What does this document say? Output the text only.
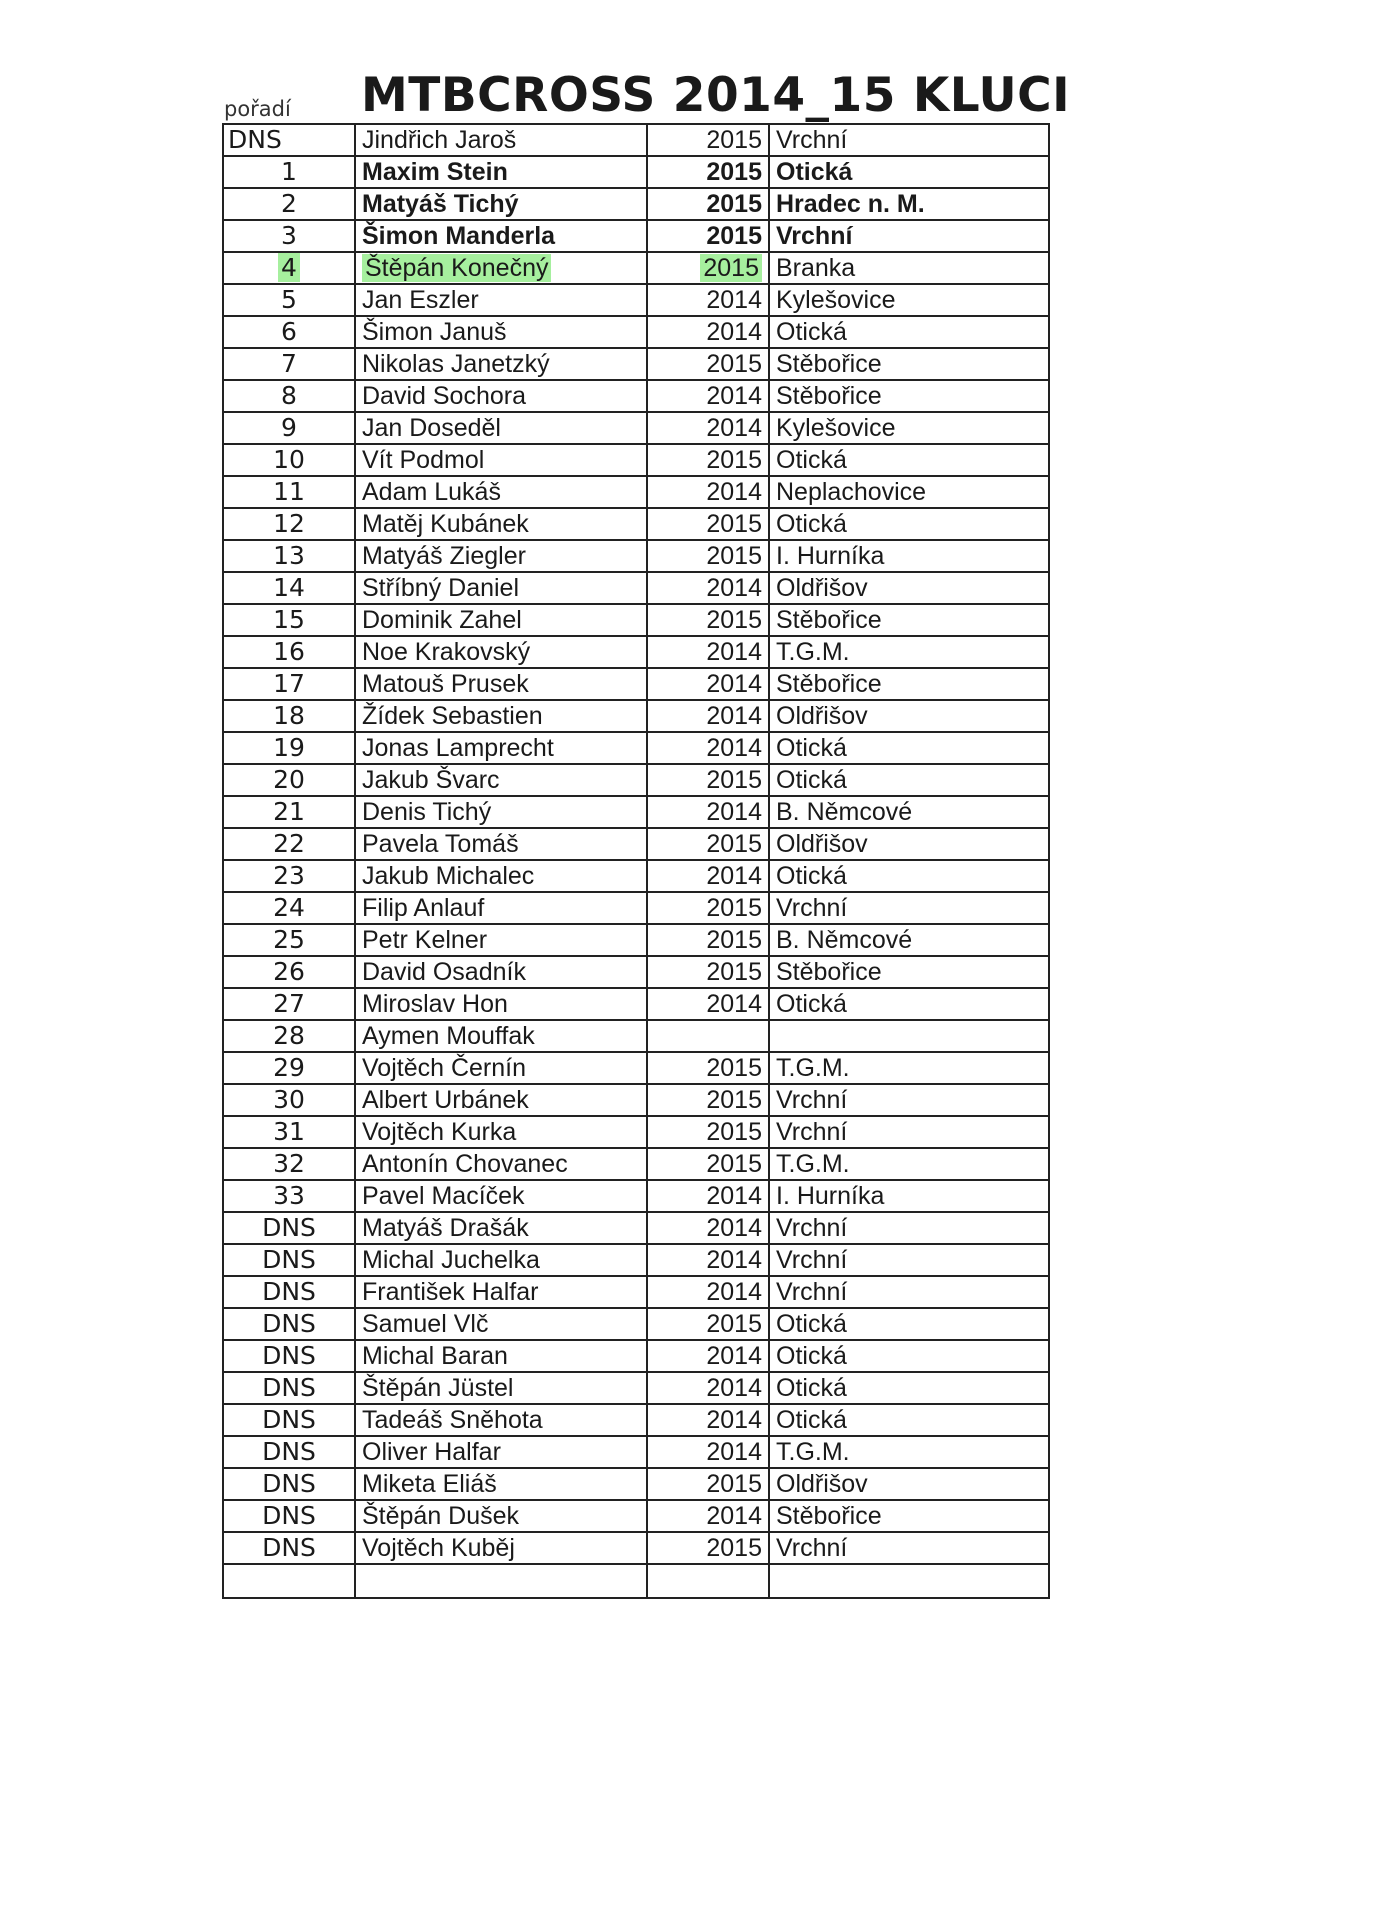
pořadí MTBCROSS 2014_15 KLUCI
DNS	Jindřich Jaroš	2015	Vrchní
1	Maxim Stein	2015	Otická
2	Matyáš Tichý	2015	Hradec n. M.
3	Šimon Manderla	2015	Vrchní
4	Štěpán Konečný	2015	Branka
5	Jan Eszler	2014	Kylešovice
6	Šimon Januš	2014	Otická
7	Nikolas Janetzký	2015	Stěbořice
8	David Sochora	2014	Stěbořice
9	Jan Doseděl	2014	Kylešovice
10	Vít Podmol	2015	Otická
11	Adam Lukáš	2014	Neplachovice
12	Matěj Kubánek	2015	Otická
13	Matyáš Ziegler	2015	I. Hurníka
14	Stříbný Daniel	2014	Oldřišov
15	Dominik Zahel	2015	Stěbořice
16	Noe Krakovský	2014	T.G.M.
17	Matouš Prusek	2014	Stěbořice
18	Žídek Sebastien	2014	Oldřišov
19	Jonas Lamprecht	2014	Otická
20	Jakub Švarc	2015	Otická
21	Denis Tichý	2014	B. Němcové
22	Pavela Tomáš	2015	Oldřišov
23	Jakub Michalec	2014	Otická
24	Filip Anlauf	2015	Vrchní
25	Petr Kelner	2015	B. Němcové
26	David Osadník	2015	Stěbořice
27	Miroslav Hon	2014	Otická
28	Aymen Mouffak		
29	Vojtěch Černín	2015	T.G.M.
30	Albert Urbánek	2015	Vrchní
31	Vojtěch Kurka	2015	Vrchní
32	Antonín Chovanec	2015	T.G.M.
33	Pavel Macíček	2014	I. Hurníka
DNS	Matyáš Drašák	2014	Vrchní
DNS	Michal Juchelka	2014	Vrchní
DNS	František Halfar	2014	Vrchní
DNS	Samuel Vlč	2015	Otická
DNS	Michal Baran	2014	Otická
DNS	Štěpán Jüstel	2014	Otická
DNS	Tadeáš Sněhota	2014	Otická
DNS	Oliver Halfar	2014	T.G.M.
DNS	Miketa Eliáš	2015	Oldřišov
DNS	Štěpán Dušek	2014	Stěbořice
DNS	Vojtěch Kuběj	2015	Vrchní
